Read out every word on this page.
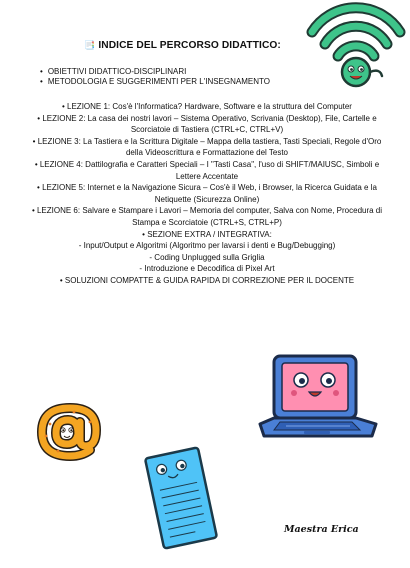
📑 INDICE DEL PERCORSO DIDATTICO:
• OBIETTIVI DIDATTICO-DISCIPLINARI
• METODOLOGIA E SUGGERIMENTI PER L'INSEGNAMENTO

• LEZIONE 1: Cos'è l'Informatica? Hardware, Software e la struttura del Computer

• LEZIONE 2: La casa dei nostri lavori – Sistema Operativo, Scrivania (Desktop), File, Cartelle e Scorciatoie di Tastiera (CTRL+C, CTRL+V)

• LEZIONE 3: La Tastiera e la Scrittura Digitale – Mappa della tastiera, Tasti Speciali, Regole d'Oro della Videoscrittura e Formattazione del Testo

• LEZIONE 4: Dattilografia e Caratteri Speciali – I "Tasti Casa", l'uso di SHIFT/MAIUSC, Simboli e Lettere Accentate

• LEZIONE 5: Internet e la Navigazione Sicura – Cos'è il Web, i Browser, la Ricerca Guidata e la Netiquette (Sicurezza Online)

• LEZIONE 6: Salvare e Stampare i Lavori – Memoria del computer, Salva con Nome, Procedura di Stampa e Scorciatoie (CTRL+S, CTRL+P)

• SEZIONE EXTRA / INTEGRATIVA:

- Input/Output e Algoritmi (Algoritmo per lavarsi i denti e Bug/Debugging)

- Coding Unplugged sulla Griglia

- Introduzione e Decodifica di Pixel Art

• SOLUZIONI COMPATTE & GUIDA RAPIDA DI CORREZIONE PER IL DOCENTE

Maestra Erica
